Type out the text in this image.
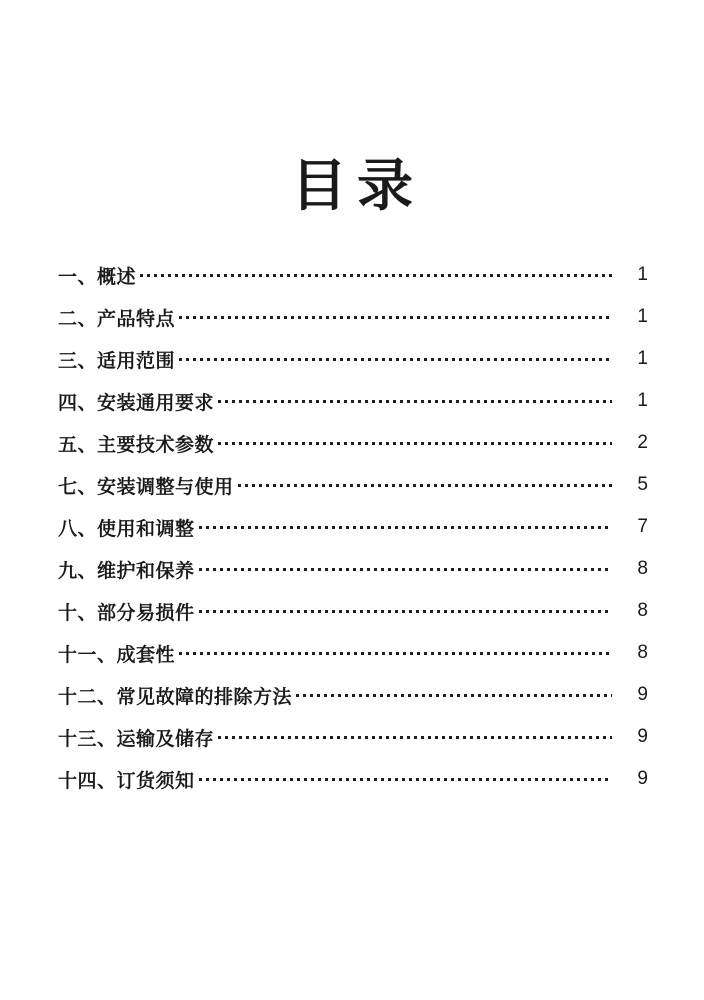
目录
一、概述	1
二、产品特点	1
三、适用范围	1
四、安装通用要求	1
五、主要技术参数	2
七、安装调整与使用	5
八、使用和调整	7
九、维护和保养	8
十、部分易损件	8
十一、成套性	8
十二、常见故障的排除方法	9
十三、运输及储存	9
十四、订货须知	9
